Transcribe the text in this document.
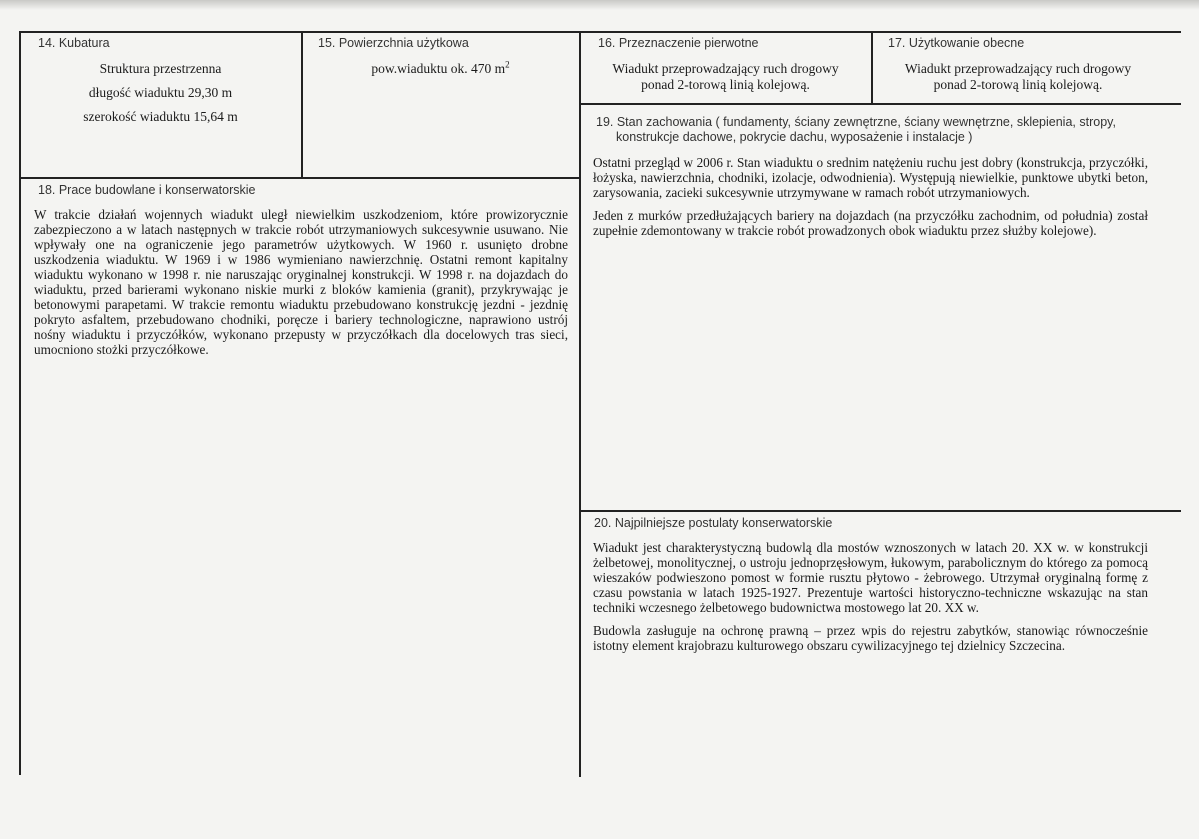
14. Kubatura
Struktura przestrzenna
długość wiaduktu 29,30 m
szerokość wiaduktu 15,64 m
15. Powierzchnia użytkowa
pow.wiaduktu ok. 470 $m^2$
16. Przeznaczenie pierwotne
Wiadukt przeprowadzający ruch drogowy
ponad 2-torową linią kolejową.
17. Użytkowanie obecne
Wiadukt przeprowadzający ruch drogowy
ponad 2-torową linią kolejową.
18. Prace budowlane i konserwatorskie

W trakcie działań wojennych wiadukt uległ niewielkim uszkodzeniom, które prowizorycznie zabezpieczono a w latach następnych w trakcie robót utrzymaniowych sukcesywnie usuwano. Nie wpływały one na ograniczenie jego parametrów użytkowych. W 1960 r. usunięto drobne uszkodzenia wiaduktu. W 1969 i w 1986 wymieniano nawierzchnię. Ostatni remont kapitalny wiaduktu wykonano w 1998 r. nie naruszając oryginalnej konstrukcji. W 1998 r. na dojazdach do wiaduktu, przed barierami wykonano niskie murki z bloków kamienia (granit), przykrywając je betonowymi parapetami. W trakcie remontu wiaduktu przebudowano konstrukcję jezdni - jezdnię pokryto asfaltem, przebudowano chodniki, poręcze i bariery technologiczne, naprawiono ustrój nośny wiaduktu i przyczółków, wykonano przepusty w przyczółkach dla docelowych tras sieci, umocniono stożki przyczółkowe.

19. Stan zachowania ( fundamenty, ściany zewnętrzne, ściany wewnętrzne, sklepienia, stropy,
konstrukcje dachowe, pokrycie dachu, wyposażenie i instalacje )

Ostatni przegląd w 2006 r. Stan wiaduktu o srednim natężeniu ruchu jest dobry (konstrukcja, przyczółki, łożyska, nawierzchnia, chodniki, izolacje, odwodnienia). Występują niewielkie, punktowe ubytki beton, zarysowania, zacieki sukcesywnie utrzymywane w ramach robót utrzymaniowych.

Jeden z murków przedłużających bariery na dojazdach (na przyczółku zachodnim, od południa) został zupełnie zdemontowany w trakcie robót prowadzonych obok wiaduktu przez służby kolejowe).

20. Najpilniejsze postulaty konserwatorskie

Wiadukt jest charakterystyczną budowlą dla mostów wznoszonych w latach 20. XX w. w konstrukcji żelbetowej, monolitycznej, o ustroju jednoprzęsłowym, łukowym, parabolicznym do którego za pomocą wieszaków podwieszono pomost w formie rusztu płytowo - żebrowego. Utrzymał oryginalną formę z czasu powstania w latach 1925-1927. Prezentuje wartości historyczno-techniczne wskazując na stan techniki wczesnego żelbetowego budownictwa mostowego lat 20. XX w.

Budowla zasługuje na ochronę prawną – przez wpis do rejestru zabytków, stanowiąc równocześnie istotny element krajobrazu kulturowego obszaru cywilizacyjnego tej dzielnicy Szczecina.
